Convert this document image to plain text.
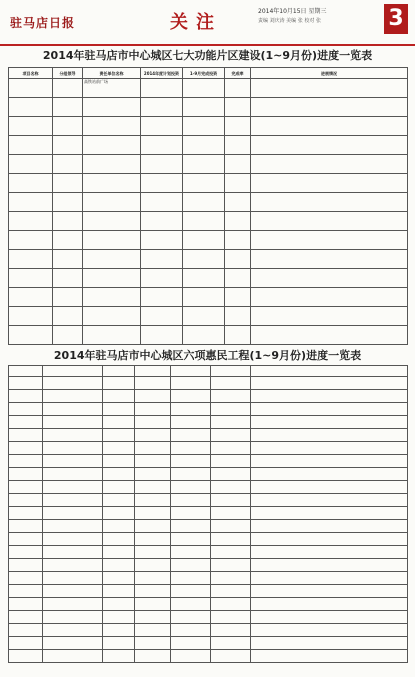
驻马店日报	关注
2014年10月15日 星期三
责编 刘庆涛 美编 张 校对 张	3
2014年驻马店市中心城区七大功能片区建设(1~9月份)进度一览表
项目名称	分组领导	责任单位名称	2014年度计划投资	1-9月完成投资	完成率	进展情况
		高铁站前广场				

2014年驻马店市中心城区六项惠民工程(1~9月份)进度一览表
